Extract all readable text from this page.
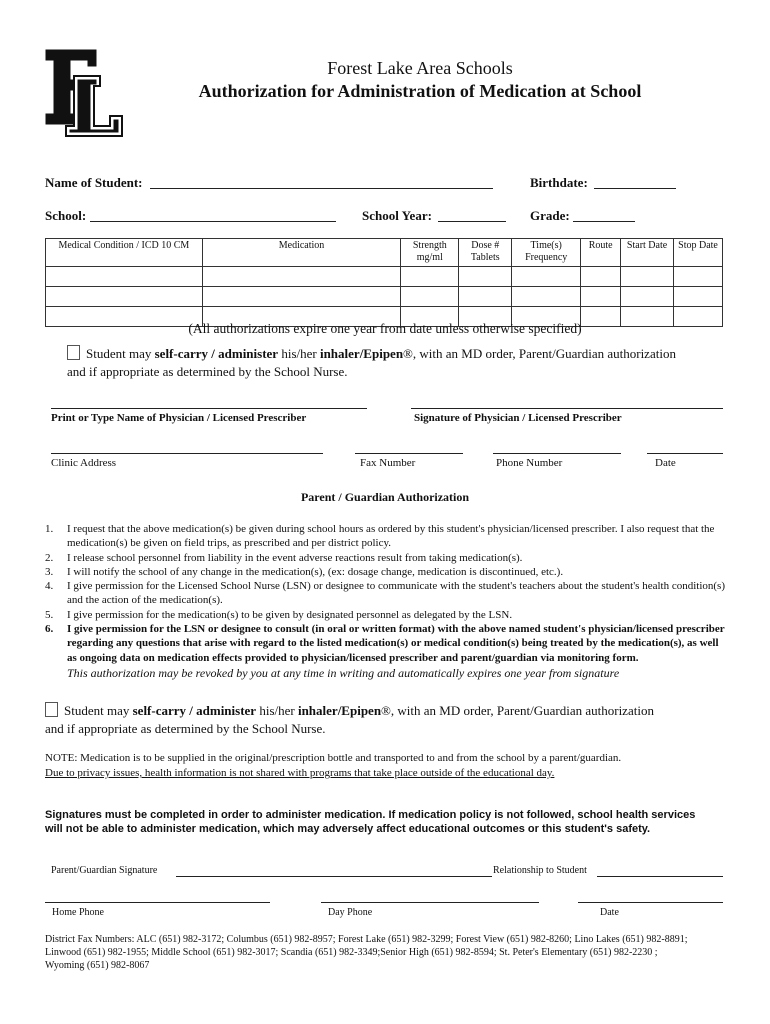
Forest Lake Area Schools
Authorization for Administration of Medication at School
Name of Student:	Birthdate:
School:	School Year:	Grade:
Medical Condition / ICD 10 CM	Medication	Strength mg/ml	Dose # Tablets	Time(s) Frequency	Route	Start Date	Stop Date

(All authorizations expire one year from date unless otherwise specified)
Student may self-carry / administer his/her inhaler/Epipen®, with an MD order, Parent/Guardian authorization
and if appropriate as determined by the School Nurse.
Print or Type Name of Physician / Licensed Prescriber	Signature of Physician / Licensed Prescriber
Clinic Address	Fax Number	Phone Number	Date
Parent / Guardian Authorization
1. I request that the above medication(s) be given during school hours as ordered by this student's physician/licensed prescriber. I also request that the medication(s) be given on field trips, as prescribed and per district policy.
2. I release school personnel from liability in the event adverse reactions result from taking medication(s).
3. I will notify the school of any change in the medication(s), (ex: dosage change, medication is discontinued, etc.).
4. I give permission for the Licensed School Nurse (LSN) or designee to communicate with the student's teachers about the student's health condition(s) and the action of the medication(s).
5. I give permission for the medication(s) to be given by designated personnel as delegated by the LSN.
6. I give permission for the LSN or designee to consult (in oral or written format) with the above named student's physician/licensed prescriber regarding any questions that arise with regard to the listed medication(s) or medical condition(s) being treated by the medication(s), as well as ongoing data on medication effects provided to physician/licensed prescriber and parent/guardian via monitoring form.
This authorization may be revoked by you at any time in writing and automatically expires one year from signature
Student may self-carry / administer his/her inhaler/Epipen®, with an MD order, Parent/Guardian authorization
and if appropriate as determined by the School Nurse.
NOTE: Medication is to be supplied in the original/prescription bottle and transported to and from the school by a parent/guardian.
Due to privacy issues, health information is not shared with programs that take place outside of the educational day.
Signatures must be completed in order to administer medication. If medication policy is not followed, school health services
will not be able to administer medication, which may adversely affect educational outcomes or this student's safety.
Parent/Guardian Signature	Relationship to Student
Home Phone	Day Phone	Date
District Fax Numbers: ALC (651) 982-3172; Columbus (651) 982-8957; Forest Lake (651) 982-3299; Forest View (651) 982-8260; Lino Lakes (651) 982-8891;
Linwood (651) 982-1955; Middle School (651) 982-3017; Scandia (651) 982-3349;Senior High (651) 982-8594; St. Peter's Elementary (651) 982-2230 ;
Wyoming (651) 982-8067
